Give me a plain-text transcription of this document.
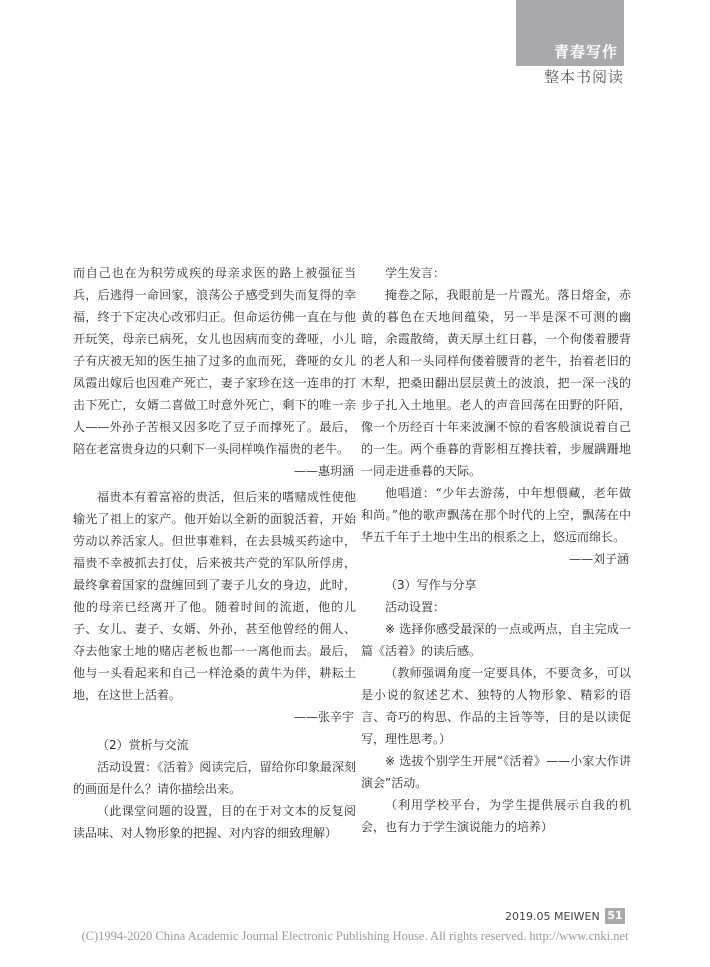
青春写作
整本书阅读

而自己也在为积劳成疾的母亲求医的路上被强征当兵，后逃得一命回家，浪荡公子感受到失而复得的幸福，终于下定决心改邪归正。但命运彷佛一直在与他开玩笑，母亲已病死，女儿也因病而变的聋哑，小儿子有庆被无知的医生抽了过多的血而死，聋哑的女儿凤霞出嫁后也因难产死亡，妻子家珍在这一连串的打击下死亡，女婿二喜做工时意外死亡，剩下的唯一亲人——外孙子苦根又因多吃了豆子而撑死了。最后，陪在老富贵身边的只剩下一头同样唤作福贵的老牛。

——惠玥涵

福贵本有着富裕的贵活，但后来的嗜赌成性使他输光了祖上的家产。他开始以全新的面貌活着，开始劳动以养活家人。但世事难料，在去县城买药途中，福贵不幸被抓去打仗，后来被共产党的军队所俘虏，最终拿着国家的盘缠回到了妻子儿女的身边，此时，他的母亲已经离开了他。随着时间的流逝，他的儿子、女儿、妻子、女婿、外孙，甚至他曾经的佣人、夺去他家土地的赌店老板也都一一离他而去。最后，他与一头看起来和自己一样沧桑的黄牛为伴，耕耘土地，在这世上活着。

——张辛宇

（2）赏析与交流

活动设置：《活着》阅读完后，留给你印象最深刻的画面是什么？请你描绘出来。

（此课堂问题的设置，目的在于对文本的反复阅读品味、对人物形象的把握、对内容的细致理解）

学生发言：

掩卷之际，我眼前是一片霞光。落日熔金，赤黄的暮色在天地间蕴染，另一半是深不可测的幽暗，余霞散绮，黄天厚土红日暮，一个佝偻着腰背的老人和一头同样佝偻着腰背的老牛，抬着老旧的木犁，把桑田翻出层层黄土的波浪，把一深一浅的步子扎入土地里。老人的声音回荡在田野的阡陌，像一个历经百十年来波澜不惊的看客般演说着自己的一生。两个垂暮的背影相互搀扶着，步履蹒跚地一同走进垂暮的天际。

他唱道：“少年去游荡，中年想偎藏，老年做和尚。”他的歌声飘荡在那个时代的上空，飘荡在中华五千年于土地中生出的根系之上，悠远而绵长。

——刘子涵

（3）写作与分享

活动设置：

※ 选择你感受最深的一点或两点，自主完成一篇《活着》的读后感。

（教师强调角度一定要具体，不要贪多，可以是小说的叙述艺术、独特的人物形象、精彩的语言、奇巧的构思、作品的主旨等等，目的是以读促写，理性思考。）

※ 选拔个别学生开展“《活着》——小家大作讲演会”活动。

（利用学校平台，为学生提供展示自我的机会，也有力于学生演说能力的培养）

2019.05 MEIWEN 51
(C)1994-2020 China Academic Journal Electronic Publishing House. All rights reserved. http://www.cnki.net
